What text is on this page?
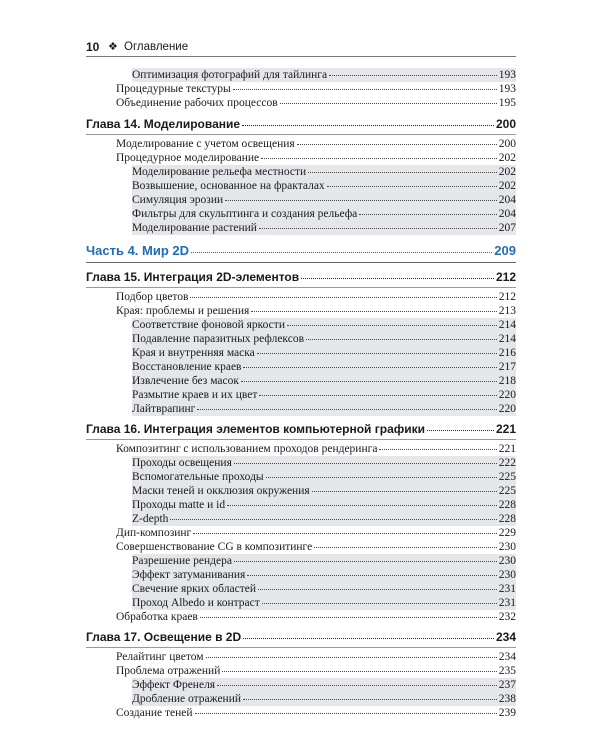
10 ❖ Оглавление
Оптимизация фотографий для тайлинга	193
Процедурные текстуры	193
Объединение рабочих процессов	195
Глава 14. Моделирование	200
Моделирование с учетом освещения	200
Процедурное моделирование	202
Моделирование рельефа местности	202
Возвышение, основанное на фракталах	202
Симуляция эрозии	204
Фильтры для скульптинга и создания рельефа	204
Моделирование растений	207
Часть 4. Мир 2D	209
Глава 15. Интеграция 2D-элементов	212
Подбор цветов	212
Края: проблемы и решения	213
Соответствие фоновой яркости	214
Подавление паразитных рефлексов	214
Края и внутренняя маска	216
Восстановление краев	217
Извлечение без масок	218
Размытие краев и их цвет	220
Лайтврапинг	220
Глава 16. Интеграция элементов компьютерной графики	221
Композитинг с использованием проходов рендеринга	221
Проходы освещения	222
Вспомогательные проходы	225
Маски теней и окклюзия окружения	225
Проходы matte и id	228
Z-depth	228
Дип-композинг	229
Совершенствование CG в композитинге	230
Разрешение рендера	230
Эффект затуманивания	230
Свечение ярких областей	231
Проход Albedo и контраст	231
Обработка краев	232
Глава 17. Освещение в 2D	234
Релайтинг цветом	234
Проблема отражений	235
Эффект Френеля	237
Дробление отражений	238
Создание теней	239
